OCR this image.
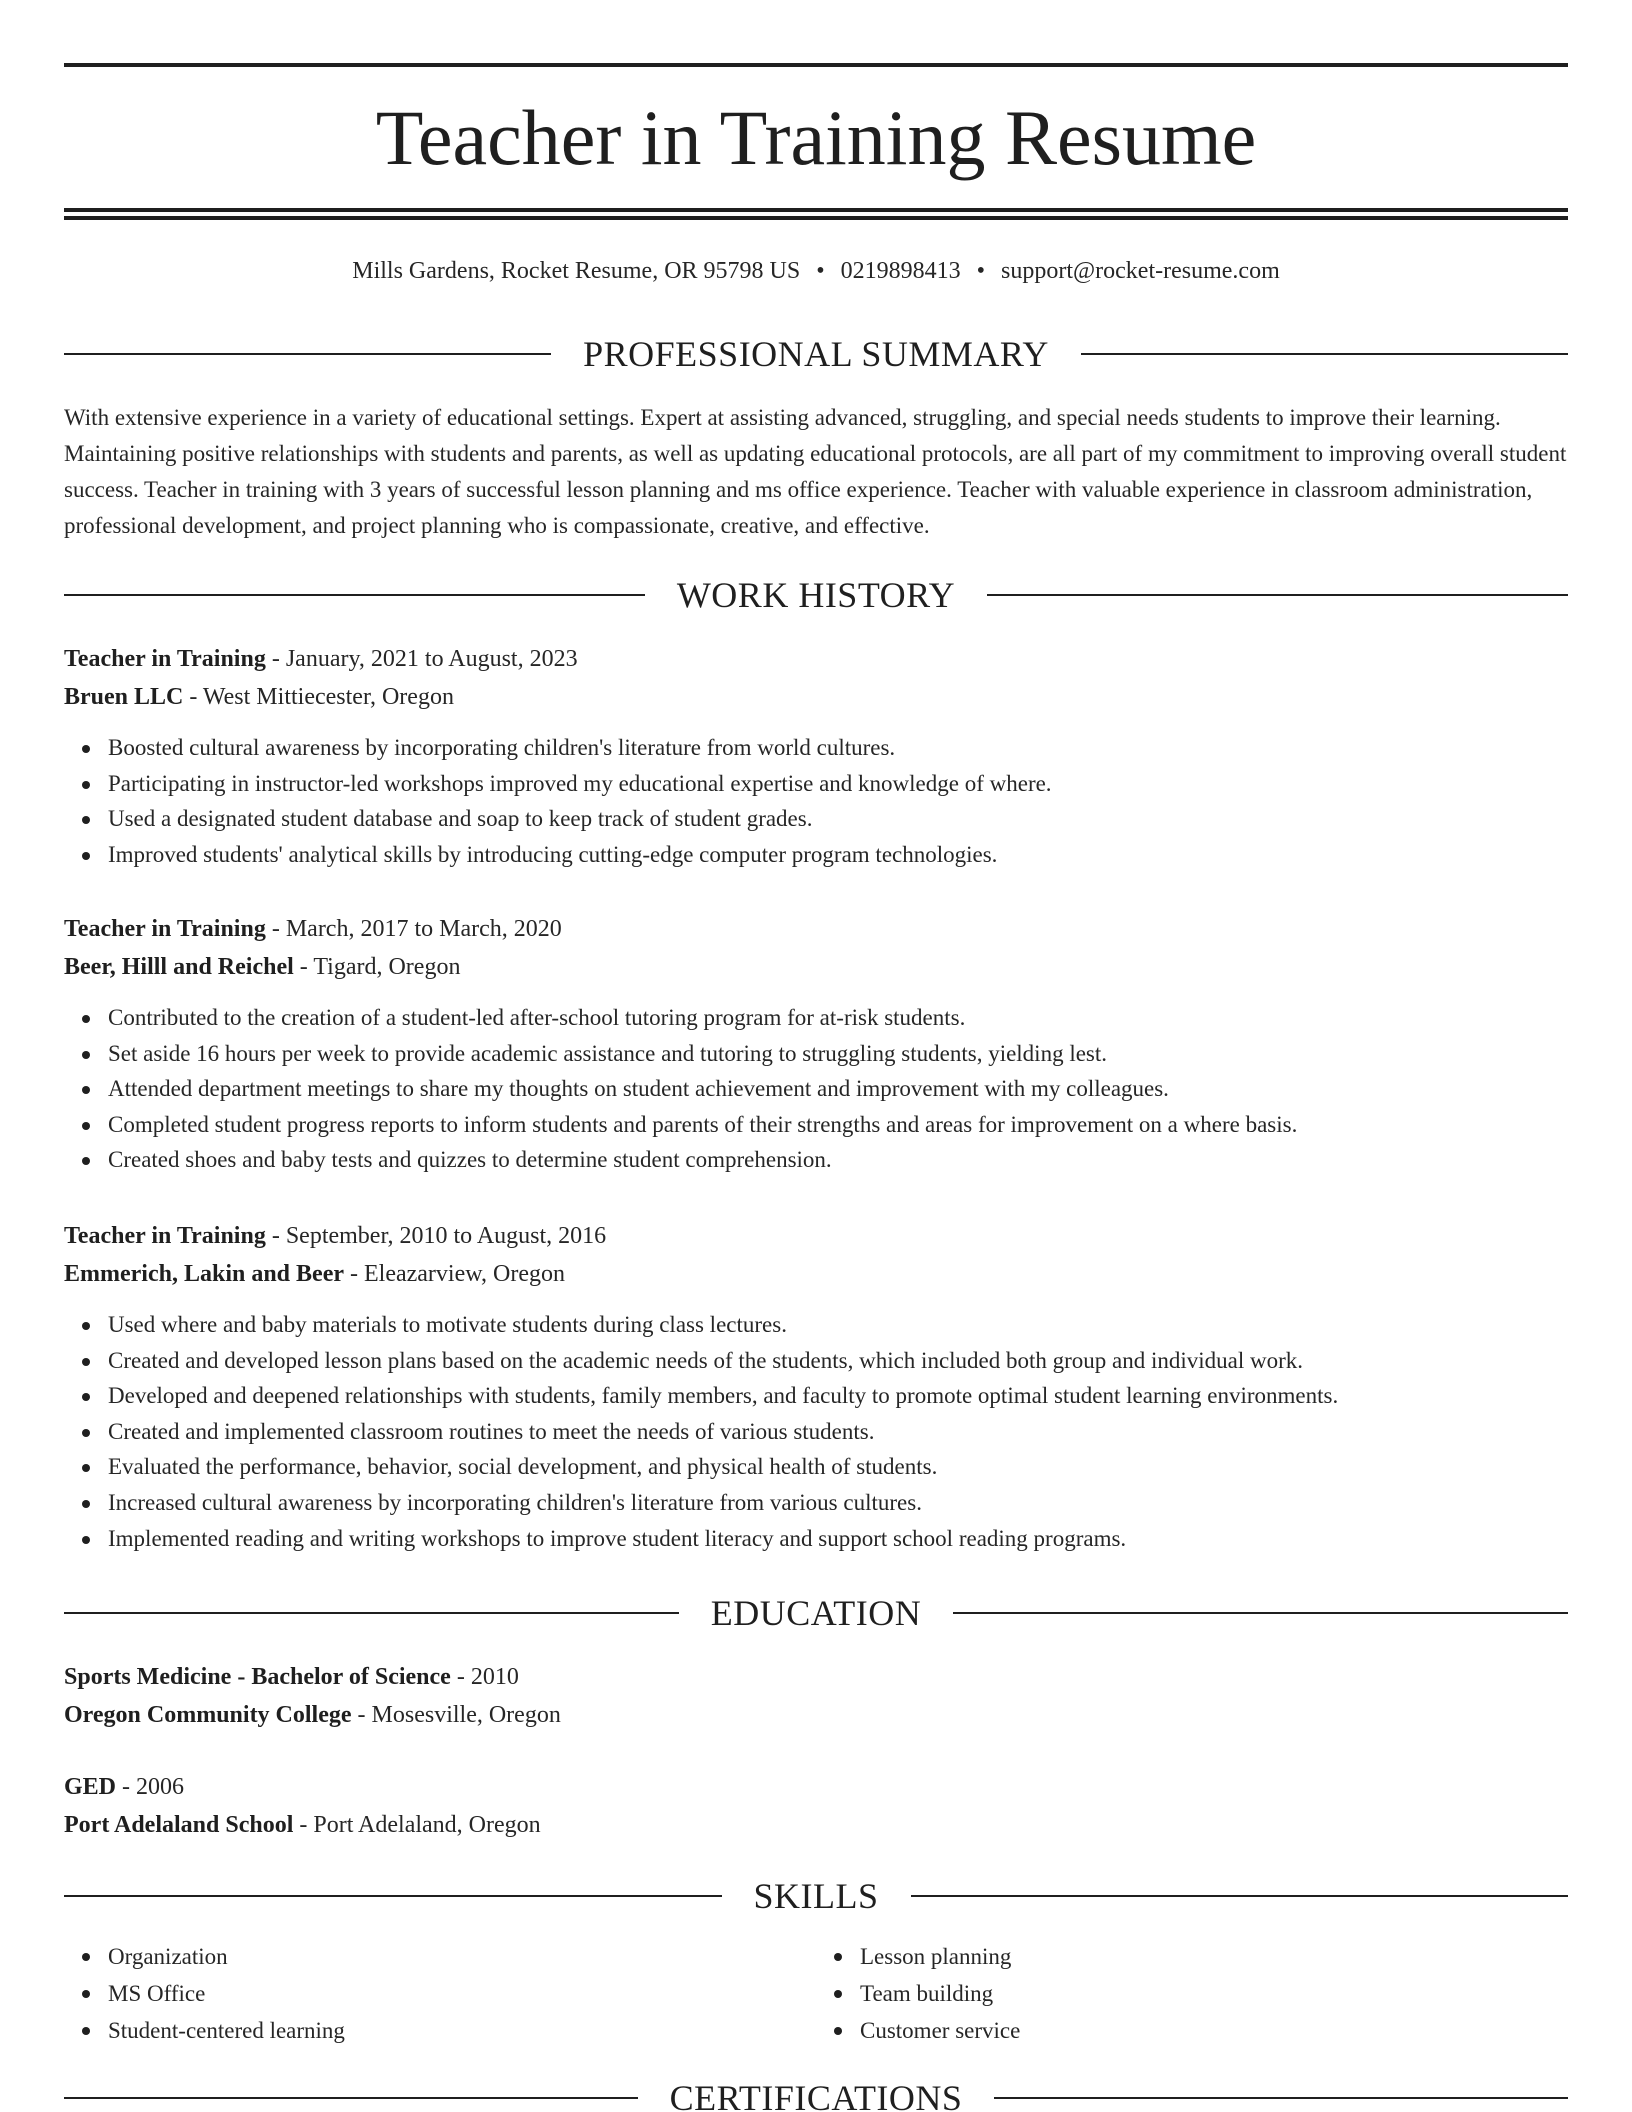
Teacher in Training Resume
Mills Gardens, Rocket Resume, OR 95798 US • 0219898413 • support@rocket-resume.com
PROFESSIONAL SUMMARY

With extensive experience in a variety of educational settings. Expert at assisting advanced, struggling, and special needs students to improve their learning. Maintaining positive relationships with students and parents, as well as updating educational protocols, are all part of my commitment to improving overall student success. Teacher in training with 3 years of successful lesson planning and ms office experience. Teacher with valuable experience in classroom administration, professional development, and project planning who is compassionate, creative, and effective.

WORK HISTORY

Teacher in Training - January, 2021 to August, 2023

Bruen LLC - West Mittiecester, Oregon

Boosted cultural awareness by incorporating children's literature from world cultures.
Participating in instructor-led workshops improved my educational expertise and knowledge of where.
Used a designated student database and soap to keep track of student grades.
Improved students' analytical skills by introducing cutting-edge computer program technologies.

Teacher in Training - March, 2017 to March, 2020

Beer, Hilll and Reichel - Tigard, Oregon

Contributed to the creation of a student-led after-school tutoring program for at-risk students.
Set aside 16 hours per week to provide academic assistance and tutoring to struggling students, yielding lest.
Attended department meetings to share my thoughts on student achievement and improvement with my colleagues.
Completed student progress reports to inform students and parents of their strengths and areas for improvement on a where basis.
Created shoes and baby tests and quizzes to determine student comprehension.

Teacher in Training - September, 2010 to August, 2016

Emmerich, Lakin and Beer - Eleazarview, Oregon

Used where and baby materials to motivate students during class lectures.
Created and developed lesson plans based on the academic needs of the students, which included both group and individual work.
Developed and deepened relationships with students, family members, and faculty to promote optimal student learning environments.
Created and implemented classroom routines to meet the needs of various students.
Evaluated the performance, behavior, social development, and physical health of students.
Increased cultural awareness by incorporating children's literature from various cultures.
Implemented reading and writing workshops to improve student literacy and support school reading programs.
EDUCATION

Sports Medicine - Bachelor of Science - 2010

Oregon Community College - Mosesville, Oregon

GED - 2006

Port Adelaland School - Port Adelaland, Oregon

SKILLS
Organization
MS Office
Student-centered learning
Lesson planning
Team building
Customer service
CERTIFICATIONS
